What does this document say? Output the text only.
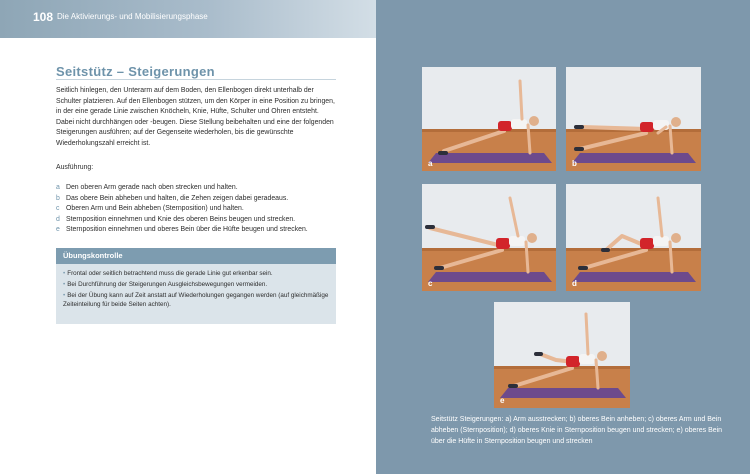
108 Die Aktivierungs- und Mobilisierungsphase
Seitstütz – Steigerungen

Seitlich hinlegen, den Unterarm auf dem Boden, den Ellenbogen direkt unterhalb der Schulter platzieren. Auf den Ellenbogen stützen, um den Körper in eine Position zu bringen, in der eine gerade Linie zwischen Knöcheln, Knie, Hüfte, Schulter und Ohren entsteht. Dabei nicht durchhängen oder -beugen. Diese Stellung beibehalten und eine der folgenden Steigerungen ausführen; auf der Gegenseite wiederholen, bis die gewünschte Wiederholungszahl erreicht ist.

Ausführung:

a Den oberen Arm gerade nach oben strecken und halten.
b Das obere Bein abheben und halten, die Zehen zeigen dabei geradeaus.
c Oberen Arm und Bein abheben (Sternposition) und halten.
d Sternposition einnehmen und Knie des oberen Beins beugen und strecken.
e Sternposition einnehmen und oberes Bein über die Hüfte beugen und strecken.
Übungskontrolle
• Frontal oder seitlich betrachtend muss die gerade Linie gut erkenbar sein.
• Bei Durchführung der Steigerungen Ausgleichsbewegungen vermeiden.
• Bei der Übung kann auf Zeit anstatt auf Wiederholungen gegangen werden (auf gleichmäßige Zeiteinteilung für beide Seiten achten).
a	b
c	d
e

Seitstütz Steigerungen: a) Arm ausstrecken; b) oberes Bein anheben; c) oberes Arm und Bein abheben (Sternposition); d) oberes Knie in Sternposition beugen und strecken; e) oberes Bein über die Hüfte in Sternposition beugen und strecken
